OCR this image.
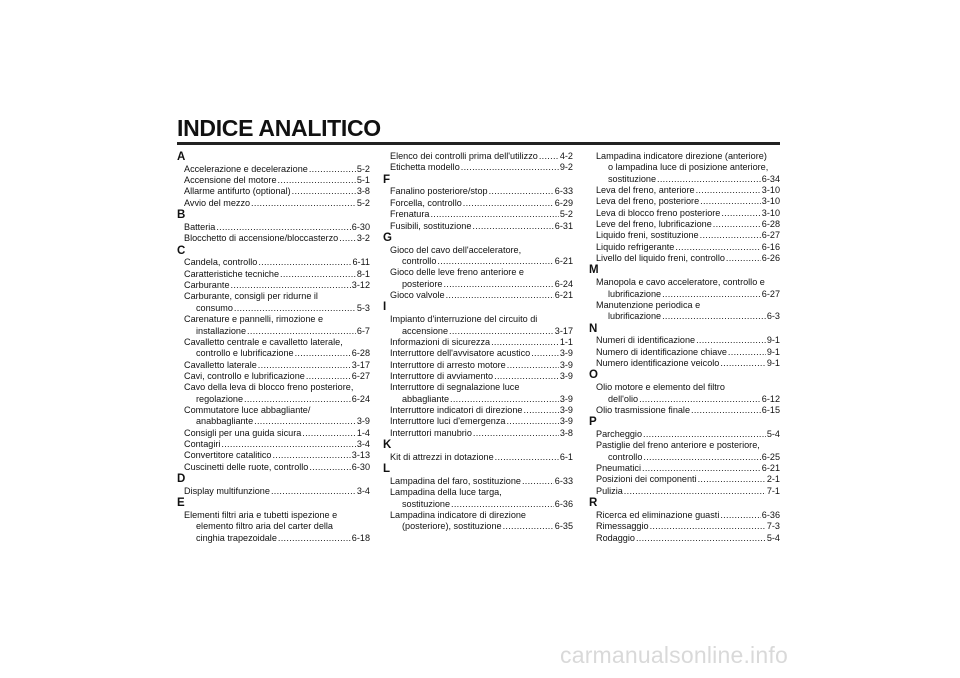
INDICE ANALITICO
A
Accelerazione e decelerazione .....	5-2
Accensione del motore .....	5-1
Allarme antifurto (optional) .....	3-8
Avvio del mezzo .....	5-2
B
Batteria .....	6-30
Blocchetto di accensione/bloccasterzo ..... 3-2
C
Candela, controllo .....	6-11
Caratteristiche tecniche .....	8-1
Carburante .....	3-12
Carburante, consigli per ridurne il
consumo .....	5-3
Carenature e pannelli, rimozione e
installazione .....	6-7
Cavalletto centrale e cavalletto laterale,
controllo e lubrificazione .....	6-28
Cavalletto laterale .....	3-17
Cavi, controllo e lubrificazione .....	6-27
Cavo della leva di blocco freno posteriore,
regolazione .....	6-24
Commutatore luce abbagliante/
anabbagliante .....	3-9
Consigli per una guida sicura .....	1-4
Contagiri .....	3-4
Convertitore catalitico .....	3-13
Cuscinetti delle ruote, controllo .....	6-30
D
Display multifunzione .....	3-4
E
Elementi filtri aria e tubetti ispezione e
elemento filtro aria del carter della
cinghia trapezoidale .....	6-18
Elenco dei controlli prima dell'utilizzo ..... 4-2
Etichetta modello .....	9-2
F
Fanalino posteriore/stop .....	6-33
Forcella, controllo .....	6-29
Frenatura .....	5-2
Fusibili, sostituzione .....	6-31
G
Gioco del cavo dell'acceleratore,
controllo .....	6-21
Gioco delle leve freno anteriore e
posteriore .....	6-24
Gioco valvole .....	6-21
I
Impianto d'interruzione del circuito di
accensione .....	3-17
Informazioni di sicurezza .....	1-1
Interruttore dell'avvisatore acustico .....	3-9
Interruttore di arresto motore .....	3-9
Interruttore di avviamento .....	3-9
Interruttore di segnalazione luce
abbagliante .....	3-9
Interruttore indicatori di direzione .....	3-9
Interruttore luci d'emergenza .....	3-9
Interruttori manubrio .....	3-8
K
Kit di attrezzi in dotazione .....	6-1
L
Lampadina del faro, sostituzione .....	6-33
Lampadina della luce targa,
sostituzione .....	6-36
Lampadina indicatore di direzione
(posteriore), sostituzione .....	6-35
Lampadina indicatore direzione (anteriore)
o lampadina luce di posizione anteriore,
sostituzione .....	6-34
Leva del freno, anteriore .....	3-10
Leva del freno, posteriore .....	3-10
Leva di blocco freno posteriore .....	3-10
Leve del freno, lubrificazione .....	6-28
Liquido freni, sostituzione .....	6-27
Liquido refrigerante .....	6-16
Livello del liquido freni, controllo .....	6-26
M
Manopola e cavo acceleratore, controllo e
lubrificazione .....	6-27
Manutenzione periodica e
lubrificazione .....	6-3
N
Numeri di identificazione .....	9-1
Numero di identificazione chiave .....	9-1
Numero identificazione veicolo .....	9-1
O
Olio motore e elemento del filtro
dell'olio .....	6-12
Olio trasmissione finale .....	6-15
P
Parcheggio .....	5-4
Pastiglie del freno anteriore e posteriore,
controllo .....	6-25
Pneumatici .....	6-21
Posizioni dei componenti .....	2-1
Pulizia .....	7-1
R
Ricerca ed eliminazione guasti .....	6-36
Rimessaggio .....	7-3
Rodaggio .....	5-4
carmanualsonline.info
